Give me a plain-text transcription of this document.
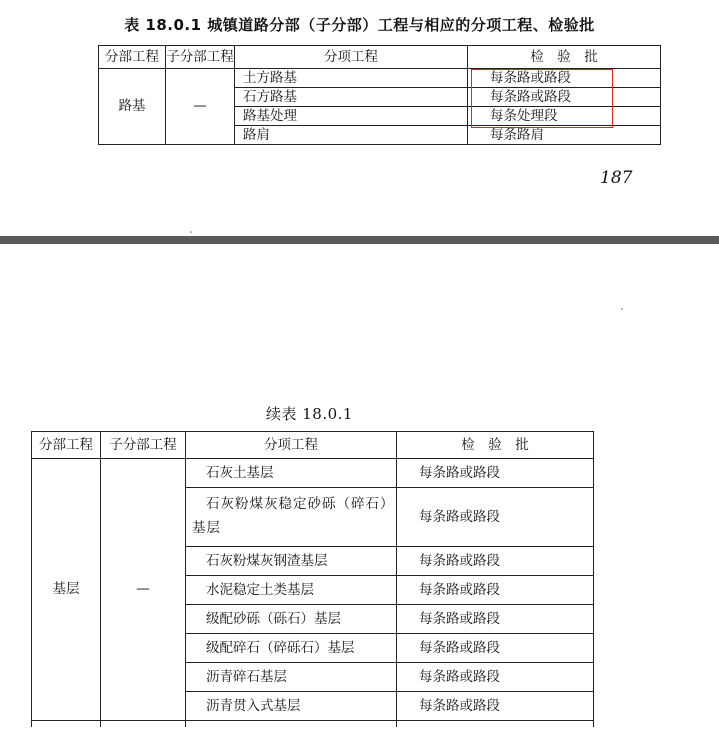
表 18.0.1 城镇道路分部（子分部）工程与相应的分项工程、检验批
分部工程	子分部工程	分项工程	检　验　批
路基	—	土方路基	每条路或路段
		石方路基	每条路或路段
		路基处理	每条处理段
		路肩	每条路肩
187
续表 18.0.1
分部工程	子分部工程	分项工程	检　验　批
基层	—	石灰土基层	每条路或路段
		石灰粉煤灰稳定砂砾（碎石）基层	每条路或路段
		石灰粉煤灰钢渣基层	每条路或路段
		水泥稳定土类基层	每条路或路段
		级配砂砾（砾石）基层	每条路或路段
		级配碎石（碎砾石）基层	每条路或路段
		沥青碎石基层	每条路或路段
		沥青贯入式基层	每条路或路段
